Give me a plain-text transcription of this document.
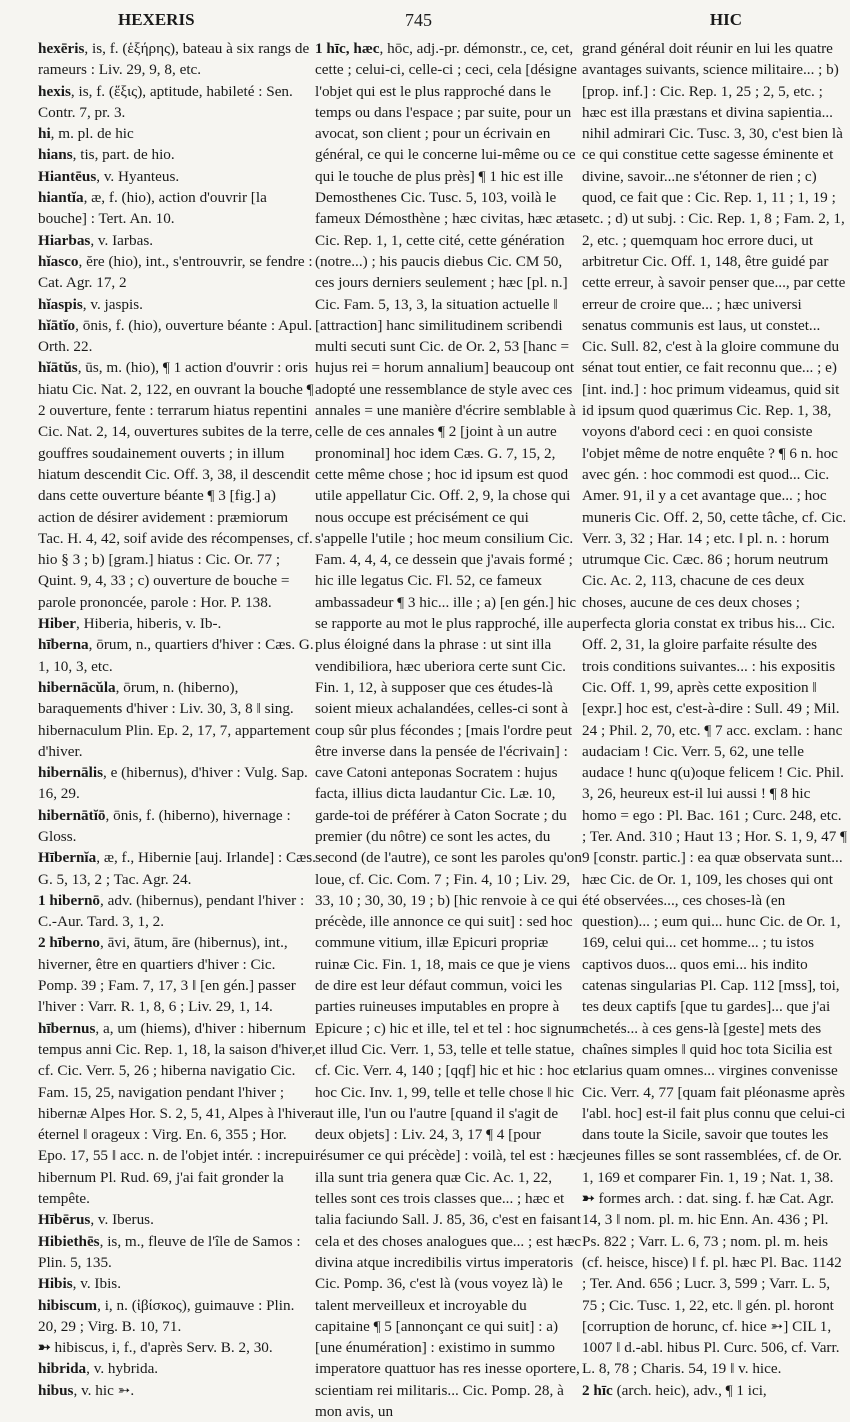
HEXERIS	745	HIC

hexēris, is, f. (ἑξήρης), bateau à six rangs de rameurs : Liv. 29, 9, 8, etc.

hexis, is, f. (ἕξις), aptitude, habileté : Sen. Contr. 7, pr. 3.

hi, m. pl. de hic

hians, tis, part. de hio.

Hiantēus, v. Hyanteus.

hiantĭa, æ, f. (hio), action d'ouvrir [la bouche] : Tert. An. 10.

Hiarbas, v. Iarbas.

hĭasco, ĕre (hio), int., s'entrouvrir, se fendre : Cat. Agr. 17, 2

hĭaspis, v. jaspis.

hĭātĭo, ōnis, f. (hio), ouverture béante : Apul. Orth. 22.

hĭātŭs, ūs, m. (hio), ¶ 1 action d'ouvrir : oris hiatu Cic. Nat. 2, 122, en ouvrant la bouche ¶ 2 ouverture, fente : terrarum hiatus repentini Cic. Nat. 2, 14, ouvertures subites de la terre, gouffres soudainement ouverts ; in illum hiatum descendit Cic. Off. 3, 38, il descendit dans cette ouverture béante ¶ 3 [fig.] a) action de désirer avidement : præmiorum Tac. H. 4, 42, soif avide des récompenses, cf. hio § 3 ; b) [gram.] hiatus : Cic. Or. 77 ; Quint. 9, 4, 33 ; c) ouverture de bouche = parole prononcée, parole : Hor. P. 138.

Hiber, Hiberia, hiberis, v. Ib-.

hīberna, ōrum, n., quartiers d'hiver : Cæs. G. 1, 10, 3, etc.

hibernācŭla, ōrum, n. (hiberno), baraquements d'hiver : Liv. 30, 3, 8 ‖ sing. hibernaculum Plin. Ep. 2, 17, 7, appartement d'hiver.

hibernālis, e (hibernus), d'hiver : Vulg. Sap. 16, 29.

hibernātĭō, ōnis, f. (hiberno), hivernage : Gloss.

Hībernĭa, æ, f., Hibernie [auj. Irlande] : Cæs. G. 5, 13, 2 ; Tac. Agr. 24.

1 hibernō, adv. (hibernus), pendant l'hiver : C.-Aur. Tard. 3, 1, 2.

2 hīberno, āvi, ātum, āre (hibernus), int., hiverner, être en quartiers d'hiver : Cic. Pomp. 39 ; Fam. 7, 17, 3 ‖ [en gén.] passer l'hiver : Varr. R. 1, 8, 6 ; Liv. 29, 1, 14.

hībernus, a, um (hiems), d'hiver : hibernum tempus anni Cic. Rep. 1, 18, la saison d'hiver, cf. Cic. Verr. 5, 26 ; hiberna navigatio Cic. Fam. 15, 25, navigation pendant l'hiver ; hibernæ Alpes Hor. S. 2, 5, 41, Alpes à l'hiver éternel ‖ orageux : Virg. En. 6, 355 ; Hor. Epo. 17, 55 ‖ acc. n. de l'objet intér. : increpui hibernum Pl. Rud. 69, j'ai fait gronder la tempête.

Hībērus, v. Iberus.

Hibiethēs, is, m., fleuve de l'île de Samos : Plin. 5, 135.

Hibis, v. Ibis.

hibiscum, i, n. (ἰβίσκος), guimauve : Plin. 20, 29 ; Virg. B. 10, 71.

➳ hibiscus, i, f., d'après Serv. B. 2, 30.

hibrida, v. hybrida.

hibus, v. hic ➳.

1 hīc, hæc, hōc, adj.-pr. démonstr., ce, cet, cette ; celui-ci, celle-ci ; ceci, cela [désigne l'objet qui est le plus rapproché dans le temps ou dans l'espace ; par suite, pour un avocat, son client ; pour un écrivain en général, ce qui le concerne lui-même ou ce qui le touche de plus près] ¶ 1 hic est ille Demosthenes Cic. Tusc. 5, 103, voilà le fameux Démosthène ; hæc civitas, hæc ætas Cic. Rep. 1, 1, cette cité, cette génération (notre...) ; his paucis diebus Cic. CM 50, ces jours derniers seulement ; hæc [pl. n.] Cic. Fam. 5, 13, 3, la situation actuelle ‖ [attraction] hanc similitudinem scribendi multi secuti sunt Cic. de Or. 2, 53 [hanc = hujus rei = horum annalium] beaucoup ont adopté une ressemblance de style avec ces annales = une manière d'écrire semblable à celle de ces annales ¶ 2 [joint à un autre pronominal] hoc idem Cæs. G. 7, 15, 2, cette même chose ; hoc id ipsum est quod utile appellatur Cic. Off. 2, 9, la chose qui nous occupe est précisément ce qui s'appelle l'utile ; hoc meum consilium Cic. Fam. 4, 4, 4, ce dessein que j'avais formé ; hic ille legatus Cic. Fl. 52, ce fameux ambassadeur ¶ 3 hic... ille ; a) [en gén.] hic se rapporte au mot le plus rapproché, ille au plus éloigné dans la phrase : ut sint illa vendibiliora, hæc uberiora certe sunt Cic. Fin. 1, 12, à supposer que ces études-là soient mieux achalandées, celles-ci sont à coup sûr plus fécondes ; [mais l'ordre peut être inverse dans la pensée de l'écrivain] : cave Catoni anteponas Socratem : hujus facta, illius dicta laudantur Cic. Læ. 10, garde-toi de préférer à Caton Socrate ; du premier (du nôtre) ce sont les actes, du second (de l'autre), ce sont les paroles qu'on loue, cf. Cic. Com. 7 ; Fin. 4, 10 ; Liv. 29, 33, 10 ; 30, 30, 19 ; b) [hic renvoie à ce qui précède, ille annonce ce qui suit] : sed hoc commune vitium, illæ Epicuri propriæ ruinæ Cic. Fin. 1, 18, mais ce que je viens de dire est leur défaut commun, voici les parties ruineuses imputables en propre à Epicure ; c) hic et ille, tel et tel : hoc signum et illud Cic. Verr. 1, 53, telle et telle statue, cf. Cic. Verr. 4, 140 ; [qqf] hic et hic : hoc et hoc Cic. Inv. 1, 99, telle et telle chose ‖ hic aut ille, l'un ou l'autre [quand il s'agit de deux objets] : Liv. 24, 3, 17 ¶ 4 [pour résumer ce qui précède] : voilà, tel est : hæc illa sunt tria genera quæ Cic. Ac. 1, 22, telles sont ces trois classes que... ; hæc et talia faciundo Sall. J. 85, 36, c'est en faisant cela et des choses analogues que... ; est hæc divina atque incredibilis virtus imperatoris Cic. Pomp. 36, c'est là (vous voyez là) le talent merveilleux et incroyable du capitaine ¶ 5 [annonçant ce qui suit] : a) [une énumération] : existimo in summo imperatore quattuor has res inesse oportere, scientiam rei militaris... Cic. Pomp. 28, à mon avis, un

grand général doit réunir en lui les quatre avantages suivants, science militaire... ; b) [prop. inf.] : Cic. Rep. 1, 25 ; 2, 5, etc. ; hæc est illa præstans et divina sapientia... nihil admirari Cic. Tusc. 3, 30, c'est bien là ce qui constitue cette sagesse éminente et divine, savoir...ne s'étonner de rien ; c) quod, ce fait que : Cic. Rep. 1, 11 ; 1, 19 ; etc. ; d) ut subj. : Cic. Rep. 1, 8 ; Fam. 2, 1, 2, etc. ; quemquam hoc errore duci, ut arbitretur Cic. Off. 1, 148, être guidé par cette erreur, à savoir penser que..., par cette erreur de croire que... ; hæc universi senatus communis est laus, ut constet... Cic. Sull. 82, c'est à la gloire commune du sénat tout entier, ce fait reconnu que... ; e) [int. ind.] : hoc primum videamus, quid sit id ipsum quod quærimus Cic. Rep. 1, 38, voyons d'abord ceci : en quoi consiste l'objet même de notre enquête ? ¶ 6 n. hoc avec gén. : hoc commodi est quod... Cic. Amer. 91, il y a cet avantage que... ; hoc muneris Cic. Off. 2, 50, cette tâche, cf. Cic. Verr. 3, 32 ; Har. 14 ; etc. ‖ pl. n. : horum utrumque Cic. Cæc. 86 ; horum neutrum Cic. Ac. 2, 113, chacune de ces deux choses, aucune de ces deux choses ; perfecta gloria constat ex tribus his... Cic. Off. 2, 31, la gloire parfaite résulte des trois conditions suivantes... : his expositis Cic. Off. 1, 99, après cette exposition ‖ [expr.] hoc est, c'est-à-dire : Sull. 49 ; Mil. 24 ; Phil. 2, 70, etc. ¶ 7 acc. exclam. : hanc audaciam ! Cic. Verr. 5, 62, une telle audace ! hunc q(u)oque felicem ! Cic. Phil. 3, 26, heureux est-il lui aussi ! ¶ 8 hic homo = ego : Pl. Bac. 161 ; Curc. 248, etc. ; Ter. And. 310 ; Haut 13 ; Hor. S. 1, 9, 47 ¶ 9 [constr. partic.] : ea quæ observata sunt... hæc Cic. de Or. 1, 109, les choses qui ont été observées..., ces choses-là (en question)... ; eum qui... hunc Cic. de Or. 1, 169, celui qui... cet homme... ; tu istos captivos duos... quos emi... his indito catenas singularias Pl. Cap. 112 [mss], toi, tes deux captifs [que tu gardes]... que j'ai achetés... à ces gens-là [geste] mets des chaînes simples ‖ quid hoc tota Sicilia est clarius quam omnes... virgines convenisse Cic. Verr. 4, 77 [quam fait pléonasme après l'abl. hoc] est-il fait plus connu que celui-ci dans toute la Sicile, savoir que toutes les jeunes filles se sont rassemblées, cf. de Or. 1, 169 et comparer Fin. 1, 19 ; Nat. 1, 38.

➳ formes arch. : dat. sing. f. hæ Cat. Agr. 14, 3 ‖ nom. pl. m. hic Enn. An. 436 ; Pl. Ps. 822 ; Varr. L. 6, 73 ; nom. pl. m. heis (cf. heisce, hisce) ‖ f. pl. hæc Pl. Bac. 1142 ; Ter. And. 656 ; Lucr. 3, 599 ; Varr. L. 5, 75 ; Cic. Tusc. 1, 22, etc. ‖ gén. pl. horont [corruption de horunc, cf. hice ➳] CIL 1, 1007 ‖ d.-abl. hibus Pl. Curc. 506, cf. Varr. L. 8, 78 ; Charis. 54, 19 ‖ v. hice.

2 hīc (arch. heic), adv., ¶ 1 ici,
